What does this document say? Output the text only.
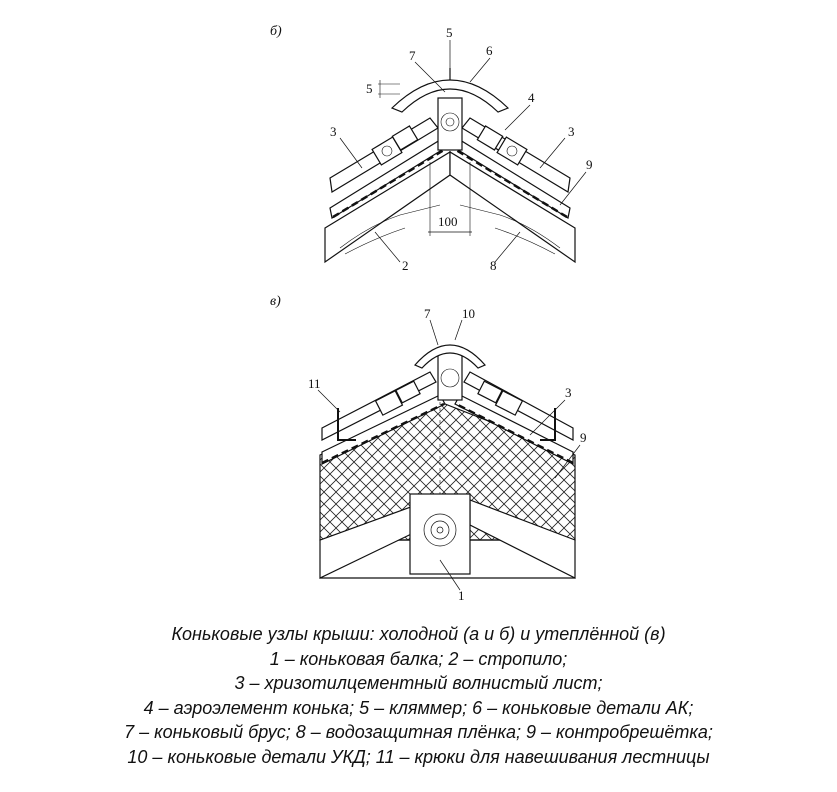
б)
7
5
6
5
4
3	3
9
100
2	8
в)
7 10
11
3
9
1
Коньковые узлы крыши: холодной (а и б) и утеплённой (в)
1 – коньковая балка; 2 – стропило;
3 – хризотилцементный волнистый лист;
4 – аэроэлемент конька; 5 – кляммер; 6 – коньковые детали АК;
7 – коньковый брус; 8 – водозащитная плёнка; 9 – контробрешётка;
10 – коньковые детали УКД; 11 – крюки для навешивания лестницы
